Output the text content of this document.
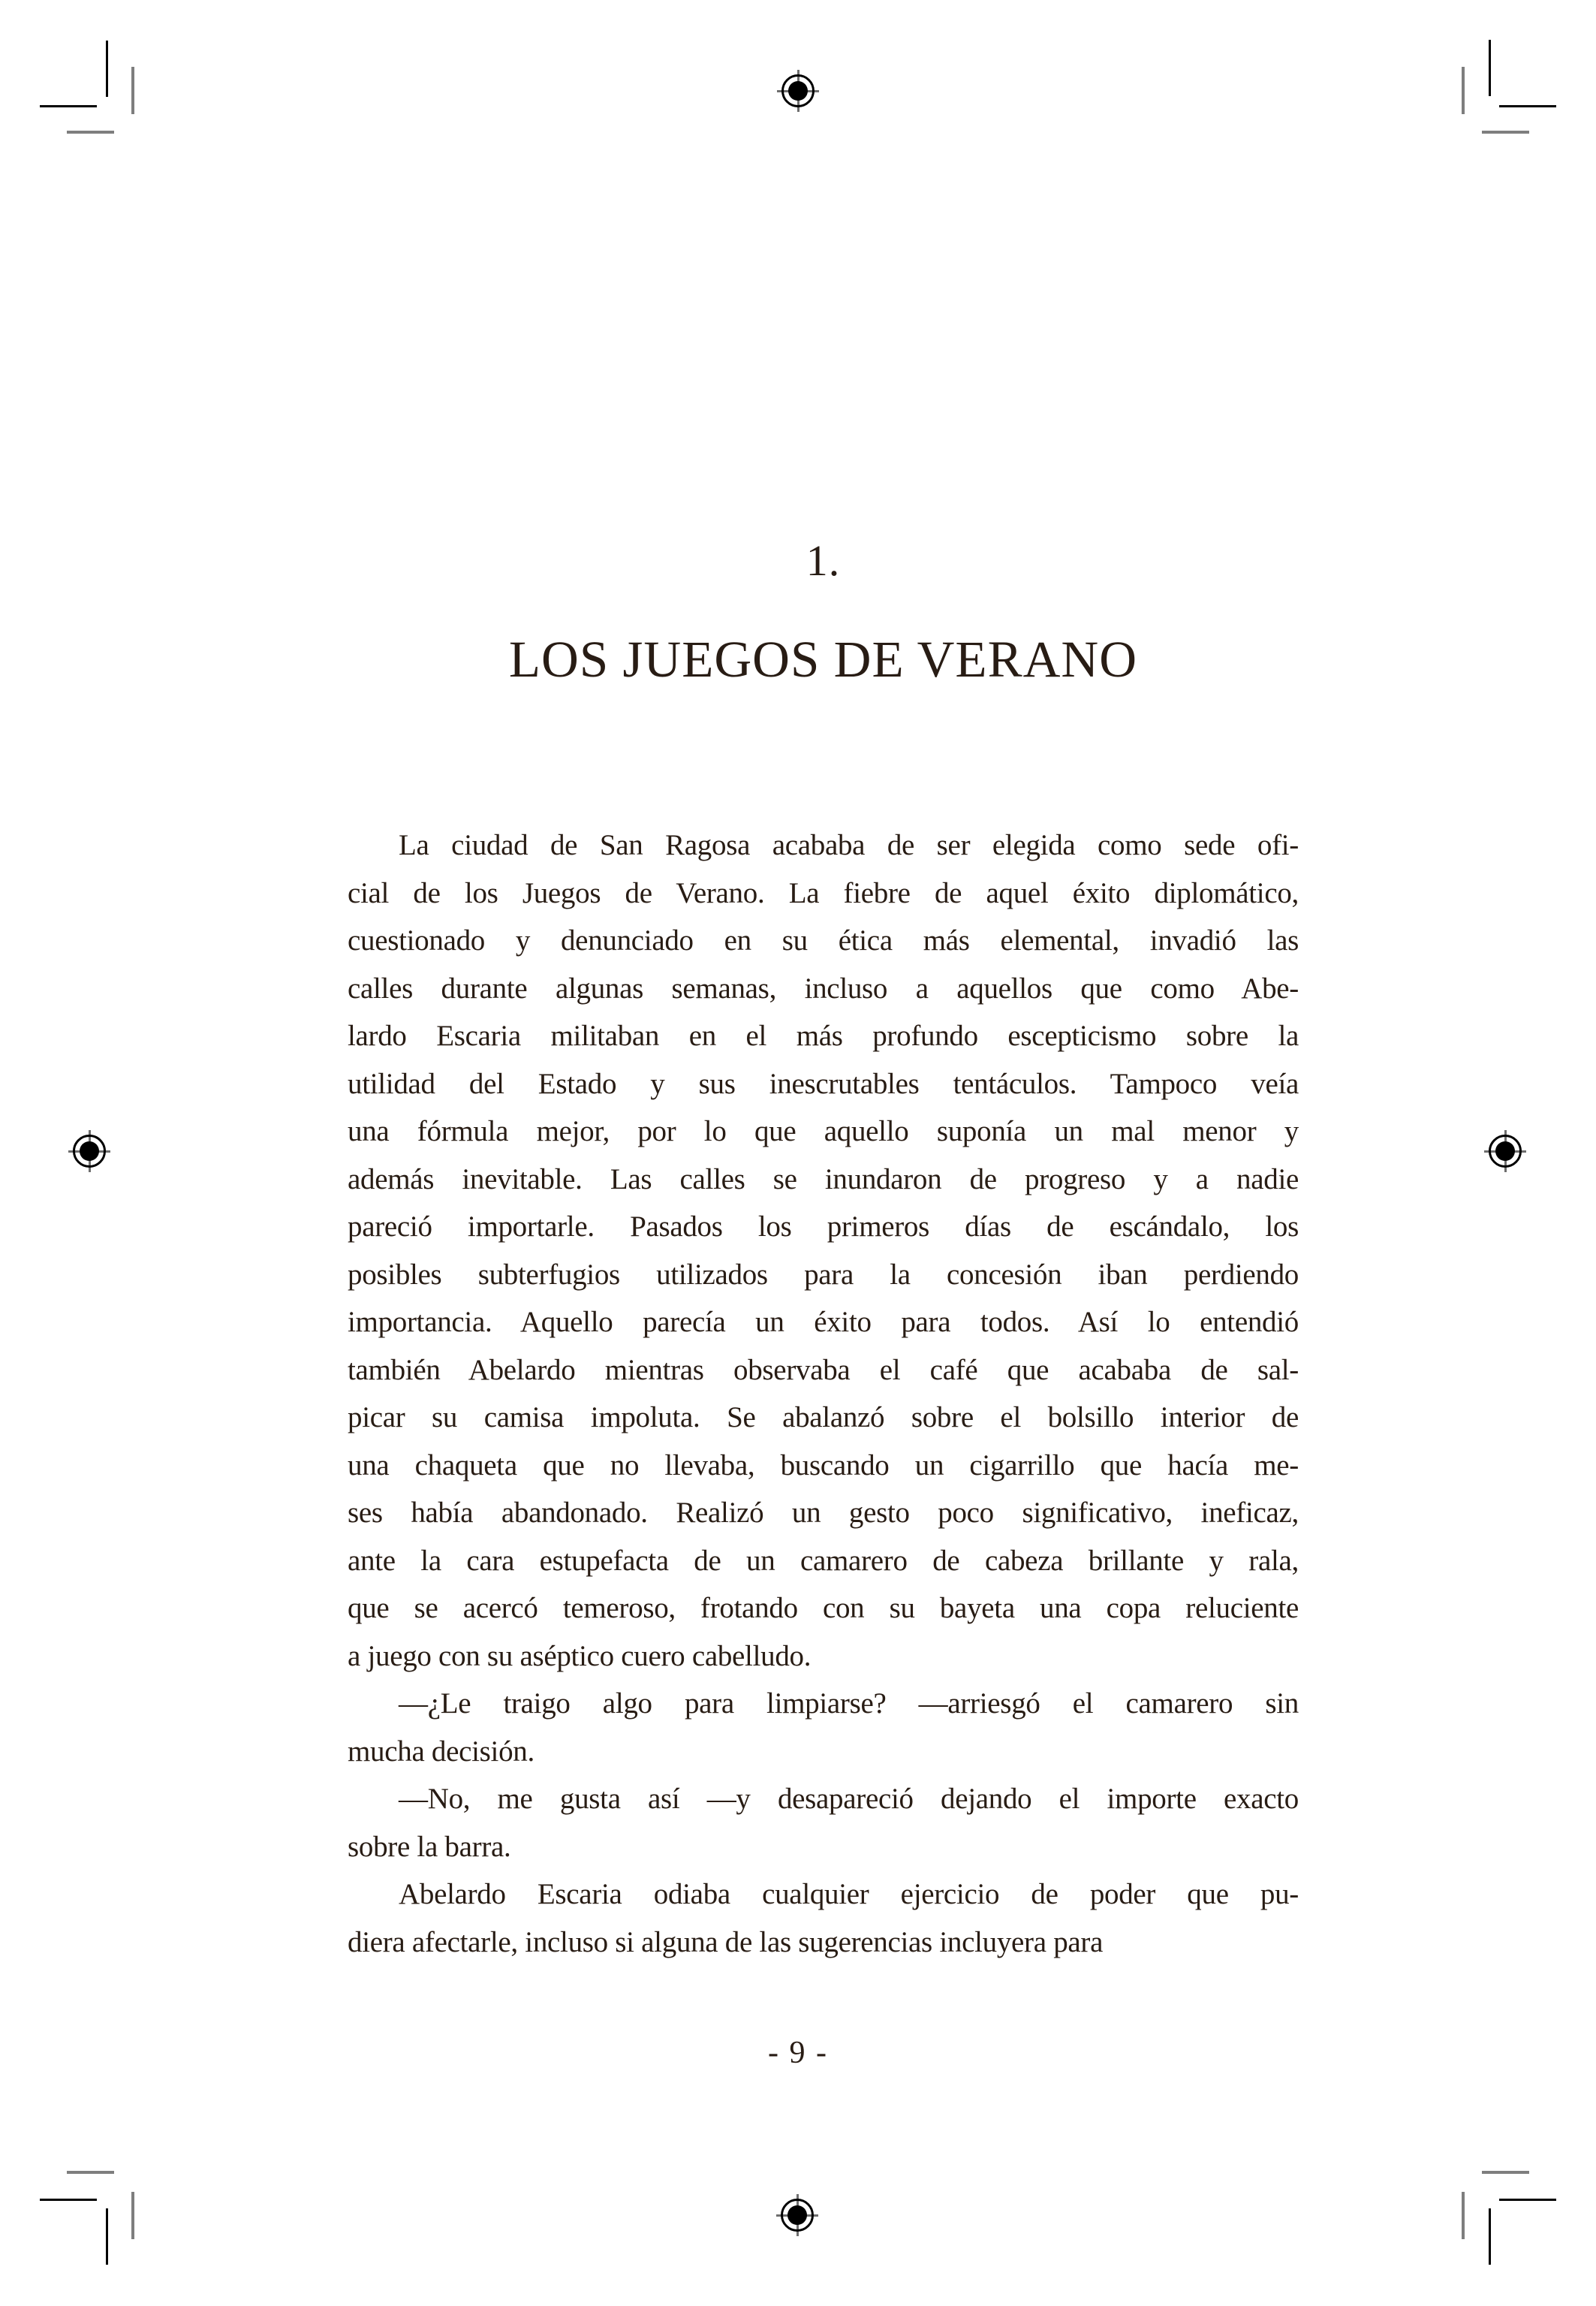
1.
LOS JUEGOS DE VERANO
La ciudad de San Ragosa acababa de ser elegida como sede ofi-
cial de los Juegos de Verano. La fiebre de aquel éxito diplomático,
cuestionado y denunciado en su ética más elemental, invadió las
calles durante algunas semanas, incluso a aquellos que como Abe-
lardo Escaria militaban en el más profundo escepticismo sobre la
utilidad del Estado y sus inescrutables tentáculos. Tampoco veía
una fórmula mejor, por lo que aquello suponía un mal menor y
además inevitable. Las calles se inundaron de progreso y a nadie
pareció importarle. Pasados los primeros días de escándalo, los
posibles subterfugios utilizados para la concesión iban perdiendo
importancia. Aquello parecía un éxito para todos. Así lo entendió
también Abelardo mientras observaba el café que acababa de sal-
picar su camisa impoluta. Se abalanzó sobre el bolsillo interior de
una chaqueta que no llevaba, buscando un cigarrillo que hacía me-
ses había abandonado. Realizó un gesto poco significativo, ineficaz,
ante la cara estupefacta de un camarero de cabeza brillante y rala,
que se acercó temeroso, frotando con su bayeta una copa reluciente
a juego con su aséptico cuero cabelludo.
—¿Le traigo algo para limpiarse? —arriesgó el camarero sin
mucha decisión.
—No, me gusta así —y desapareció dejando el importe exacto
sobre la barra.
Abelardo Escaria odiaba cualquier ejercicio de poder que pu-
diera afectarle, incluso si alguna de las sugerencias incluyera para
- 9 -
